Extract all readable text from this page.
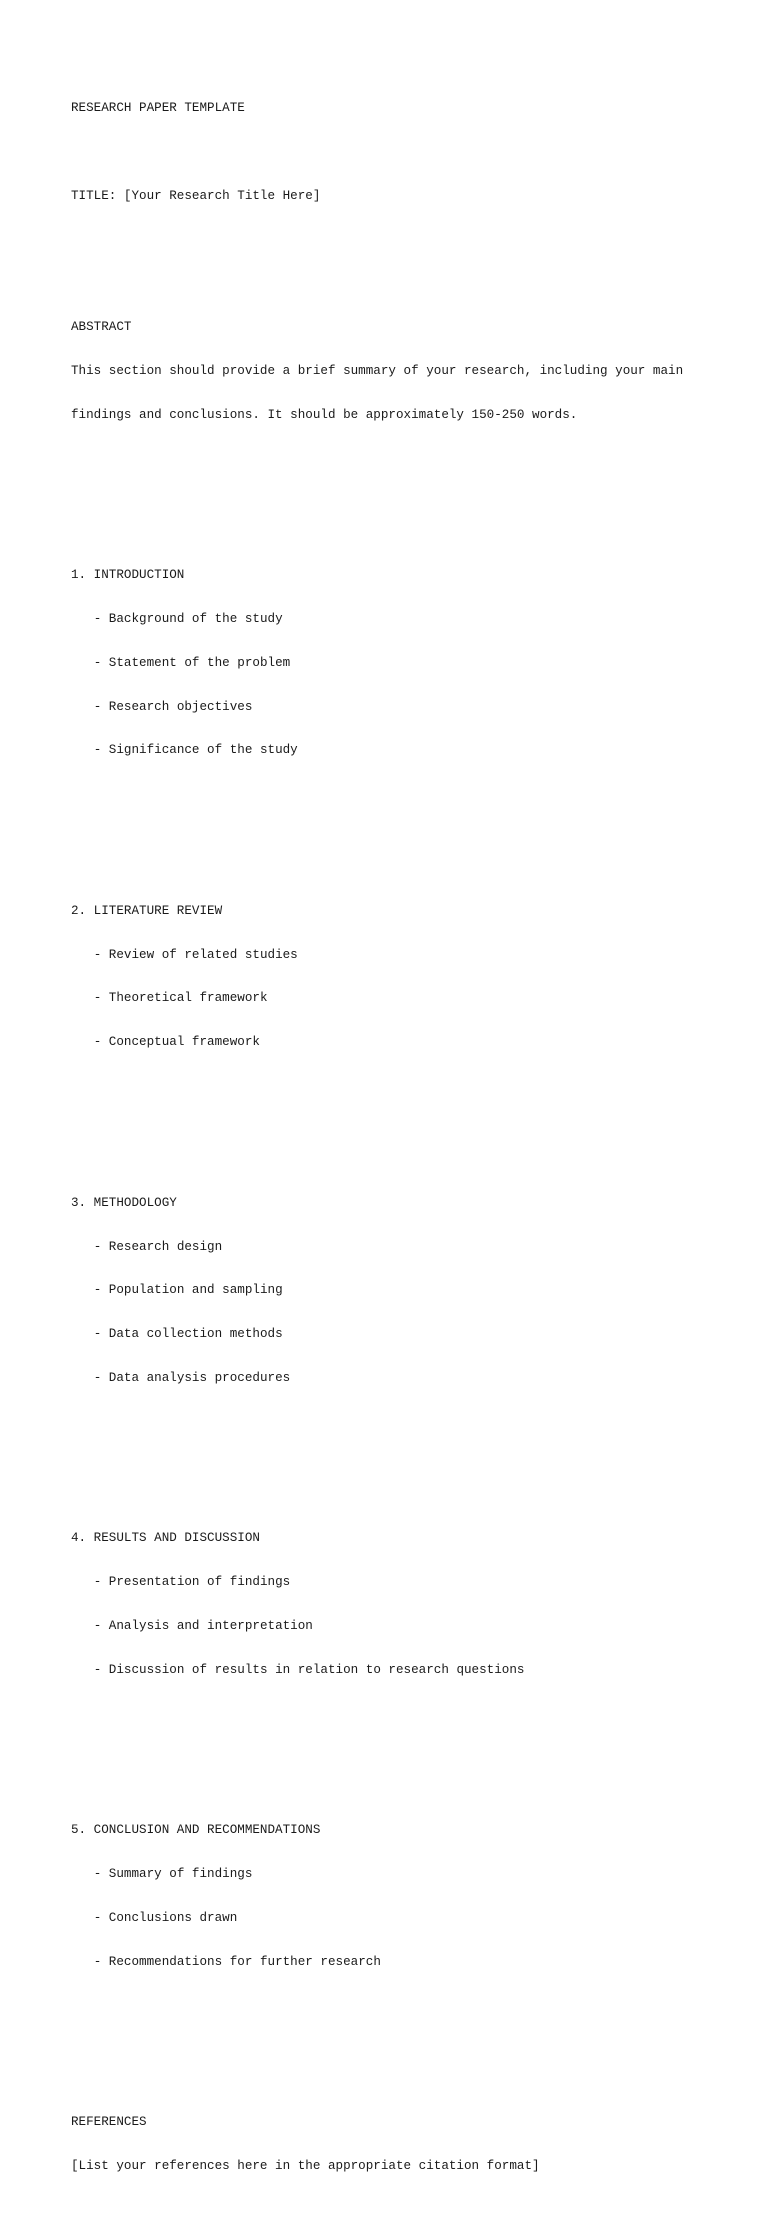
RESEARCH PAPER TEMPLATE

TITLE: [Your Research Title Here]

ABSTRACT

This section should provide a brief summary of your research, including your main

findings and conclusions. It should be approximately 150-250 words.

1. INTRODUCTION

- Background of the study

- Statement of the problem

- Research objectives

- Significance of the study

2. LITERATURE REVIEW

- Review of related studies

- Theoretical framework

- Conceptual framework

3. METHODOLOGY

- Research design

- Population and sampling

- Data collection methods

- Data analysis procedures

4. RESULTS AND DISCUSSION

- Presentation of findings

- Analysis and interpretation

- Discussion of results in relation to research questions

5. CONCLUSION AND RECOMMENDATIONS

- Summary of findings

- Conclusions drawn

- Recommendations for further research

REFERENCES

[List your references here in the appropriate citation format]
